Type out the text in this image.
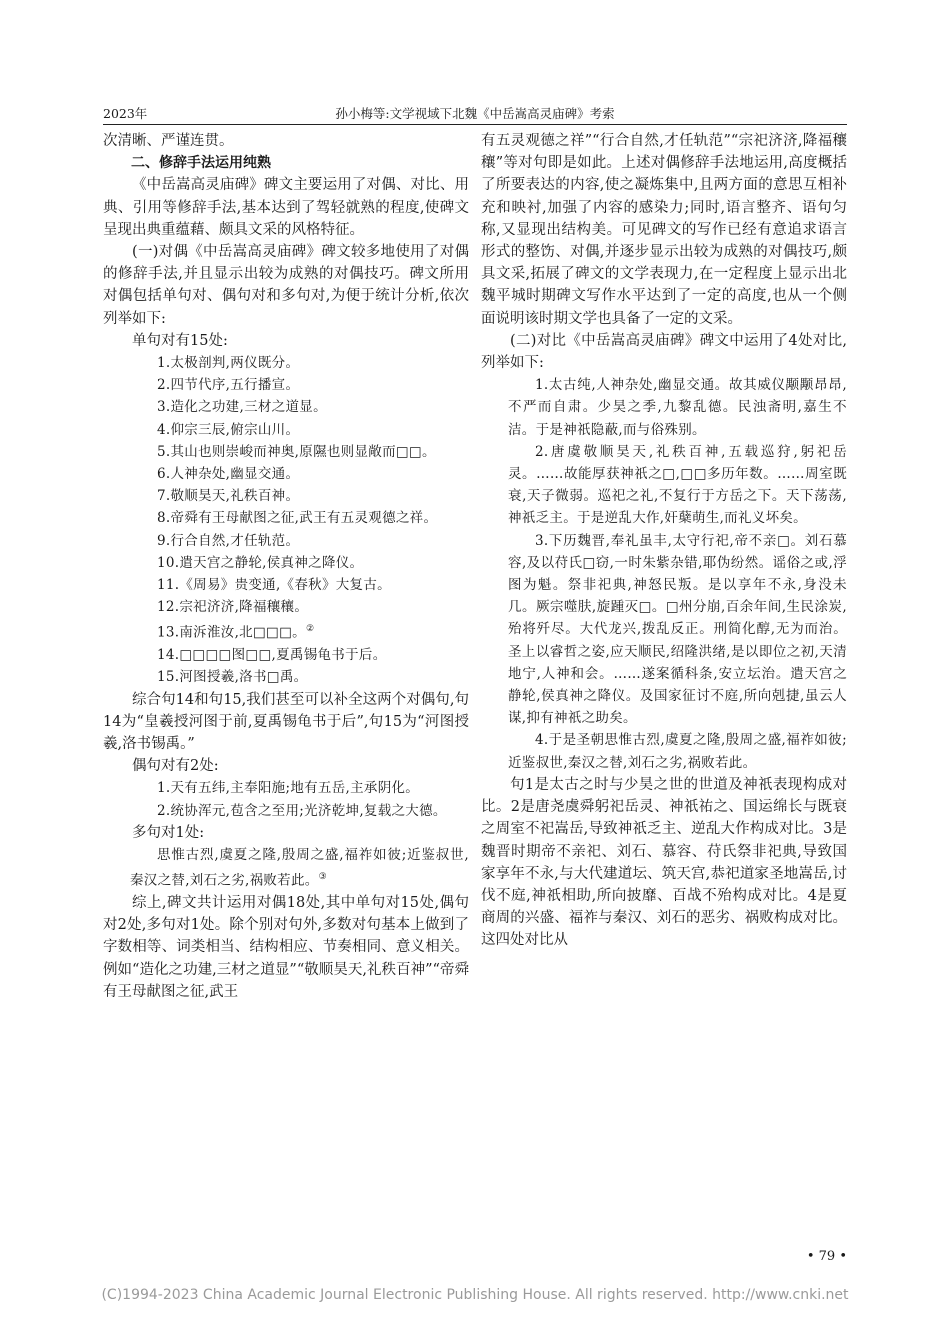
2023年	孙小梅等:文学视域下北魏《中岳嵩高灵庙碑》考索

次清晰、严谨连贯。

二、修辞手法运用纯熟

《中岳嵩高灵庙碑》碑文主要运用了对偶、对比、用典、引用等修辞手法,基本达到了驾轻就熟的程度,使碑文呈现出典重蕴藉、颇具文采的风格特征。

(一)对偶《中岳嵩高灵庙碑》碑文较多地使用了对偶的修辞手法,并且显示出较为成熟的对偶技巧。碑文所用对偶包括单句对、偶句对和多句对,为便于统计分析,依次列举如下:

单句对有15处:

1.太极剖判,两仪既分。

2.四节代序,五行播宣。

3.造化之功建,三材之道显。

4.仰宗三辰,俯宗山川。

5.其山也则崇峻而神奥,原隰也则显敞而□□。

6.人神杂处,幽显交通。

7.敬顺昊天,礼秩百神。

8.帝舜有王母献图之征,武王有五灵观德之祥。

9.行合自然,才任轨范。

10.遣天宫之静轮,侯真神之降仪。

11.《周易》贵变通,《春秋》大复古。

12.宗祀济济,降福穰穰。

13.南泝淮汝,北□□□。②

14.□□□□图□□,夏禹锡龟书于后。

15.河图授羲,洛书□禹。

综合句14和句15,我们甚至可以补全这两个对偶句,句14为“皇羲授河图于前,夏禹锡龟书于后”,句15为“河图授羲,洛书锡禹。”

偶句对有2处:

1.天有五纬,主奉阳施;地有五岳,主承阴化。

2.统协浑元,苞含之至用;光济乾坤,复载之大德。

多句对1处:

思惟古烈,虞夏之隆,殷周之盛,福祚如彼;近鉴叔世,秦汉之替,刘石之劣,祸败若此。③

综上,碑文共计运用对偶18处,其中单句对15处,偶句对2处,多句对1处。除个别对句外,多数对句基本上做到了字数相等、词类相当、结构相应、节奏相同、意义相关。例如“造化之功建,三材之道显”“敬顺昊天,礼秩百神”“帝舜有王母献图之征,武王

有五灵观德之祥”“行合自然,才任轨范”“宗祀济济,降福穰穰”等对句即是如此。上述对偶修辞手法地运用,高度概括了所要表达的内容,使之凝炼集中,且两方面的意思互相补充和映衬,加强了内容的感染力;同时,语言整齐、语句匀称,又显现出结构美。可见碑文的写作已经有意追求语言形式的整饬、对偶,并逐步显示出较为成熟的对偶技巧,颇具文采,拓展了碑文的文学表现力,在一定程度上显示出北魏平城时期碑文写作水平达到了一定的高度,也从一个侧面说明该时期文学也具备了一定的文采。

(二)对比《中岳嵩高灵庙碑》碑文中运用了4处对比,列举如下:

1.太古纯,人神杂处,幽显交通。故其威仪颙颙昂昂,不严而自肃。少昊之季,九黎乱德。民浊斋明,嘉生不洁。于是神祇隐蔽,而与俗殊别。

2.唐虞敬顺昊天,礼秩百神,五载巡狩,躬祀岳灵。……故能厚获神祇之□,□□多历年数。……周室既衰,天子微弱。巡祀之礼,不复行于方岳之下。天下荡荡,神祇乏主。于是逆乱大作,奸蘖萌生,而礼义坏矣。

3.下历魏晋,奉礼虽丰,太守行祀,帝不亲□。刘石慕容,及以苻氏□窃,一时朱紫杂错,耶伪纷然。谣俗之或,浮图为魁。祭非祀典,神怒民叛。是以享年不永,身没未几。厥宗噬肤,旋踵灭□。□州分崩,百余年间,生民涂炭,殆将歼尽。大代龙兴,拨乱反正。刑简化醇,无为而治。圣上以睿哲之姿,应天顺民,绍隆洪绪,是以即位之初,天清地宁,人神和会。……遂案循科条,安立坛治。遣天宫之静轮,侯真神之降仪。及国家征讨不庭,所向剋捷,虽云人谋,抑有神祇之助矣。

4.于是圣朝思惟古烈,虞夏之隆,殷周之盛,福祚如彼;近鉴叔世,秦汉之替,刘石之劣,祸败若此。

句1是太古之时与少昊之世的世道及神祇表现构成对比。2是唐尧虞舜躬祀岳灵、神祇祐之、国运绵长与既衰之周室不祀嵩岳,导致神祇乏主、逆乱大作构成对比。3是魏晋时期帝不亲祀、刘石、慕容、苻氏祭非祀典,导致国家享年不永,与大代建道坛、筑天宫,恭祀道家圣地嵩岳,讨伐不庭,神祇相助,所向披靡、百战不殆构成对比。4是夏商周的兴盛、福祚与秦汉、刘石的恶劣、祸败构成对比。这四处对比从

• 79 •
(C)1994-2023 China Academic Journal Electronic Publishing House. All rights reserved. http://www.cnki.net
